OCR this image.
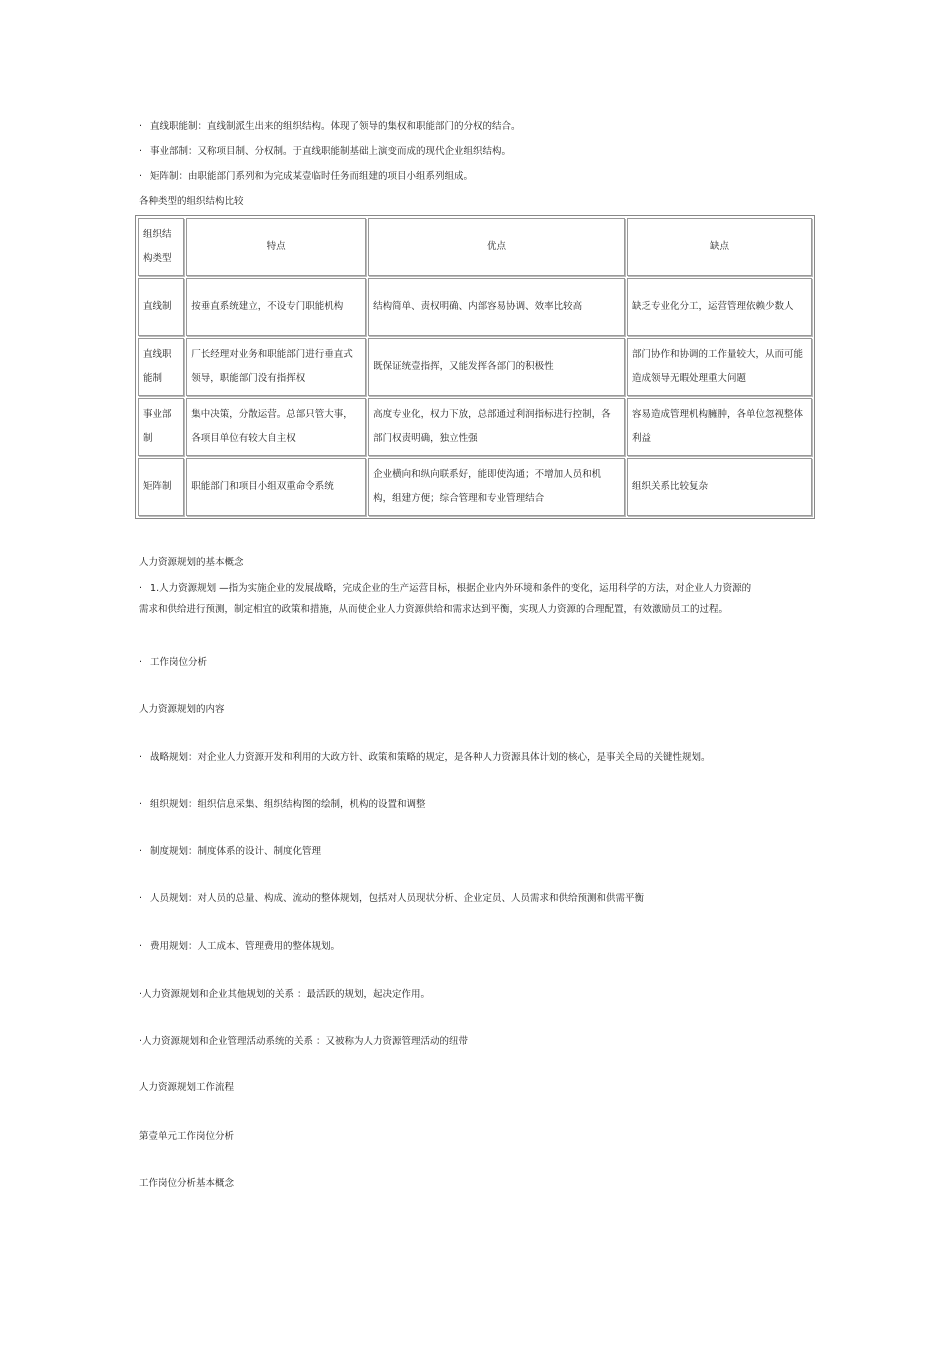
· 直线职能制：直线制派生出来的组织结构。体现了领导的集权和职能部门的分权的结合。
· 事业部制：又称项目制、分权制。于直线职能制基础上演变而成的现代企业组织结构。
· 矩阵制：由职能部门系列和为完成某壹临时任务而组建的项目小组系列组成。
各种类型的组织结构比较
组织结构类型	特点	优点	缺点
直线制	按垂直系统建立，不设专门职能机构	结构简单、责权明确、内部容易协调、效率比较高	缺乏专业化分工，运营管理依赖少数人
直线职能制	厂长经理对业务和职能部门进行垂直式领导，职能部门没有指挥权	既保证统壹指挥，又能发挥各部门的积极性	部门协作和协调的工作量较大，从而可能造成领导无暇处理重大问题
事业部制	集中决策，分散运营。总部只管大事，各项目单位有较大自主权	高度专业化，权力下放，总部通过利润指标进行控制，各部门权责明确，独立性强	容易造成管理机构臃肿，各单位忽视整体利益
矩阵制	职能部门和项目小组双重命令系统	企业横向和纵向联系好，能即使沟通；不增加人员和机构，组建方便；综合管理和专业管理结合	组织关系比较复杂
人力资源规划的基本概念
· 1.人力资源规划 —指为实施企业的发展战略，完成企业的生产运营目标，根据企业内外环境和条件的变化，运用科学的方法，对企业人力资源的需求和供给进行预测，制定相宜的政策和措施，从而使企业人力资源供给和需求达到平衡，实现人力资源的合理配置，有效激励员工的过程。
· 工作岗位分析
人力资源规划的内容
· 战略规划：对企业人力资源开发和利用的大政方针、政策和策略的规定，是各种人力资源具体计划的核心，是事关全局的关键性规划。
· 组织规划：组织信息采集、组织结构图的绘制，机构的设置和调整
· 制度规划：制度体系的设计、制度化管理
· 人员规划：对人员的总量、构成、流动的整体规划，包括对人员现状分析、企业定员、人员需求和供给预测和供需平衡
· 费用规划：人工成本、管理费用的整体规划。
·人力资源规划和企业其他规划的关系 ：最活跃的规划，起决定作用。
·人力资源规划和企业管理活动系统的关系 ：又被称为人力资源管理活动的纽带
人力资源规划工作流程
第壹单元工作岗位分析
工作岗位分析基本概念
